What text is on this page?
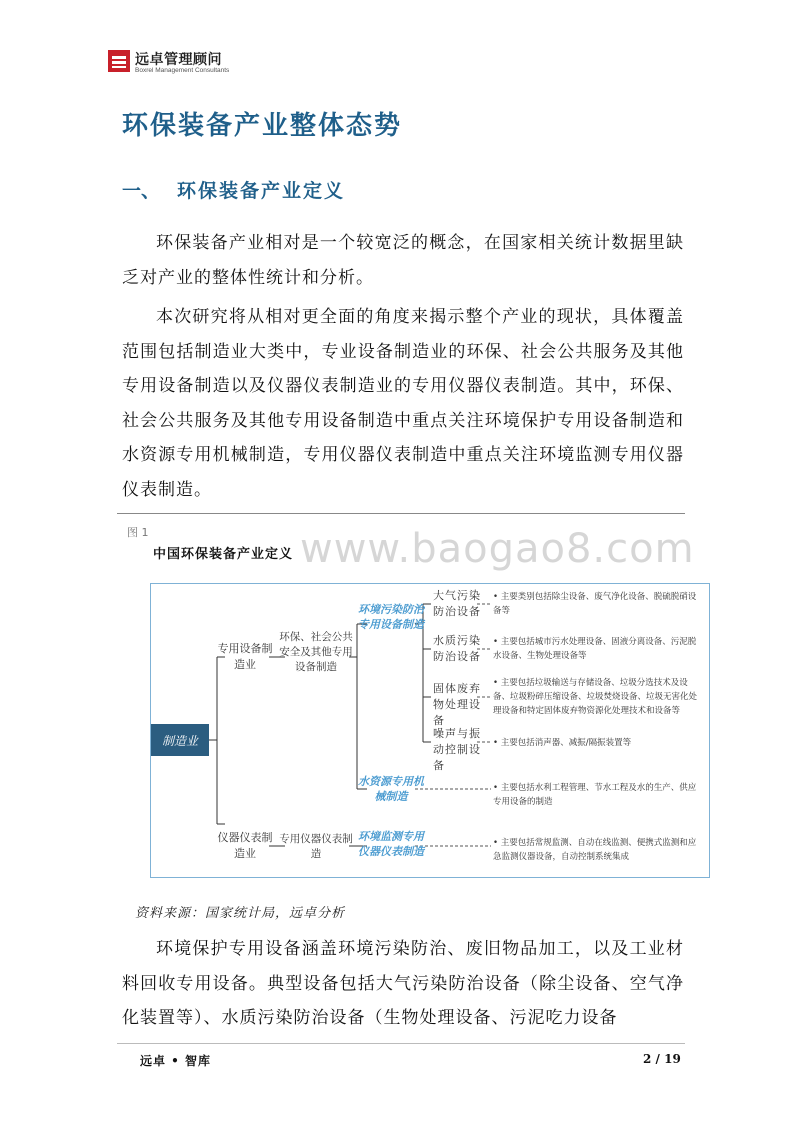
远卓管理顾问
Boxrel Management Consultants
环保装备产业整体态势
一、 环保装备产业定义
环保装备产业相对是一个较宽泛的概念，在国家相关统计数据里缺乏对产业的整体性统计和分析。
本次研究将从相对更全面的角度来揭示整个产业的现状，具体覆盖范围包括制造业大类中，专业设备制造业的环保、社会公共服务及其他专用设备制造以及仪器仪表制造业的专用仪器仪表制造。其中，环保、社会公共服务及其他专用设备制造中重点关注环境保护专用设备制造和水资源专用机械制造，专用仪器仪表制造中重点关注环境监测专用仪器仪表制造。
图 1	www.baogao8.com
中国环保装备产业定义
制造业
专用设备制造业
仪器仪表制造业
环保、社会公共安全及其他专用设备制造
专用仪器仪表制造
环境污染防治专用设备制造
水资源专用机械制造
环境监测专用仪器仪表制造
大气污染防治设备
水质污染防治设备
固体废弃物处理设备
噪声与振动控制设备
• 主要类别包括除尘设备、废气净化设备、脱硫脱硝设备等
• 主要包括城市污水处理设备、固液分离设备、污泥脱水设备、生物处理设备等
• 主要包括垃圾输送与存储设备、垃圾分选技术及设备、垃圾粉碎压缩设备、垃圾焚烧设备、垃圾无害化处理设备和特定固体废弃物资源化处理技术和设备等
• 主要包括消声器、减振/隔振装置等
• 主要包括水利工程管理、节水工程及水的生产、供应专用设备的制造
• 主要包括常规监测、自动在线监测、便携式监测和应急监测仪器设备，自动控制系统集成
资料来源：国家统计局，远卓分析
环境保护专用设备涵盖环境污染防治、废旧物品加工，以及工业材料回收专用设备。典型设备包括大气污染防治设备（除尘设备、空气净化装置等）、水质污染防治设备（生物处理设备、污泥吃力设备
远卓 • 智库	2 / 19
